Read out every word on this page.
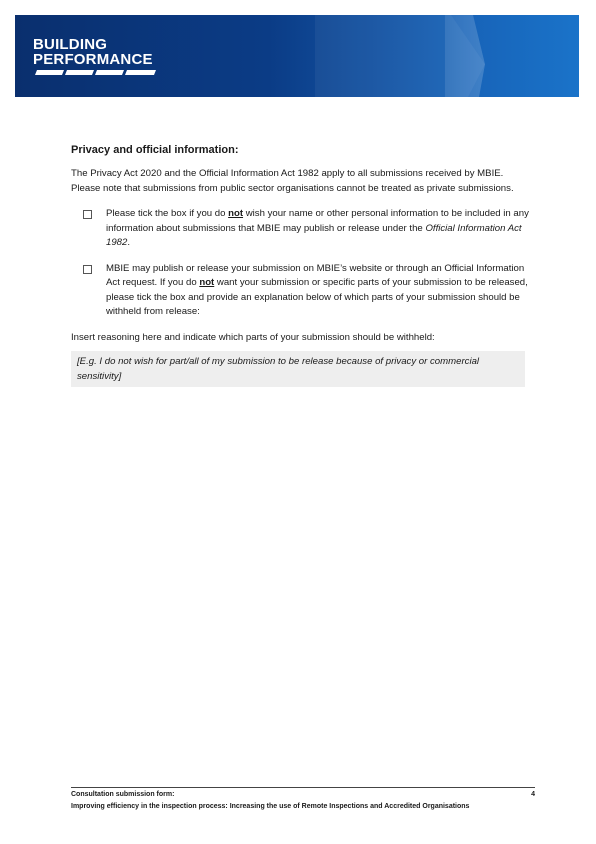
BUILDING
PERFORMANCE
Privacy and official information:
The Privacy Act 2020 and the Official Information Act 1982 apply to all submissions received by MBIE. Please note that submissions from public sector organisations cannot be treated as private submissions.
Please tick the box if you do not wish your name or other personal information to be included in any information about submissions that MBIE may publish or release under the Official Information Act 1982.
MBIE may publish or release your submission on MBIE’s website or through an Official Information Act request. If you do not want your submission or specific parts of your submission to be released, please tick the box and provide an explanation below of which parts of your submission should be withheld from release:
Insert reasoning here and indicate which parts of your submission should be withheld:
[E.g. I do not wish for part/all of my submission to be release because of privacy or commercial sensitivity]
Consultation submission form:	4
Improving efficiency in the inspection process: Increasing the use of Remote Inspections and Accredited Organisations
